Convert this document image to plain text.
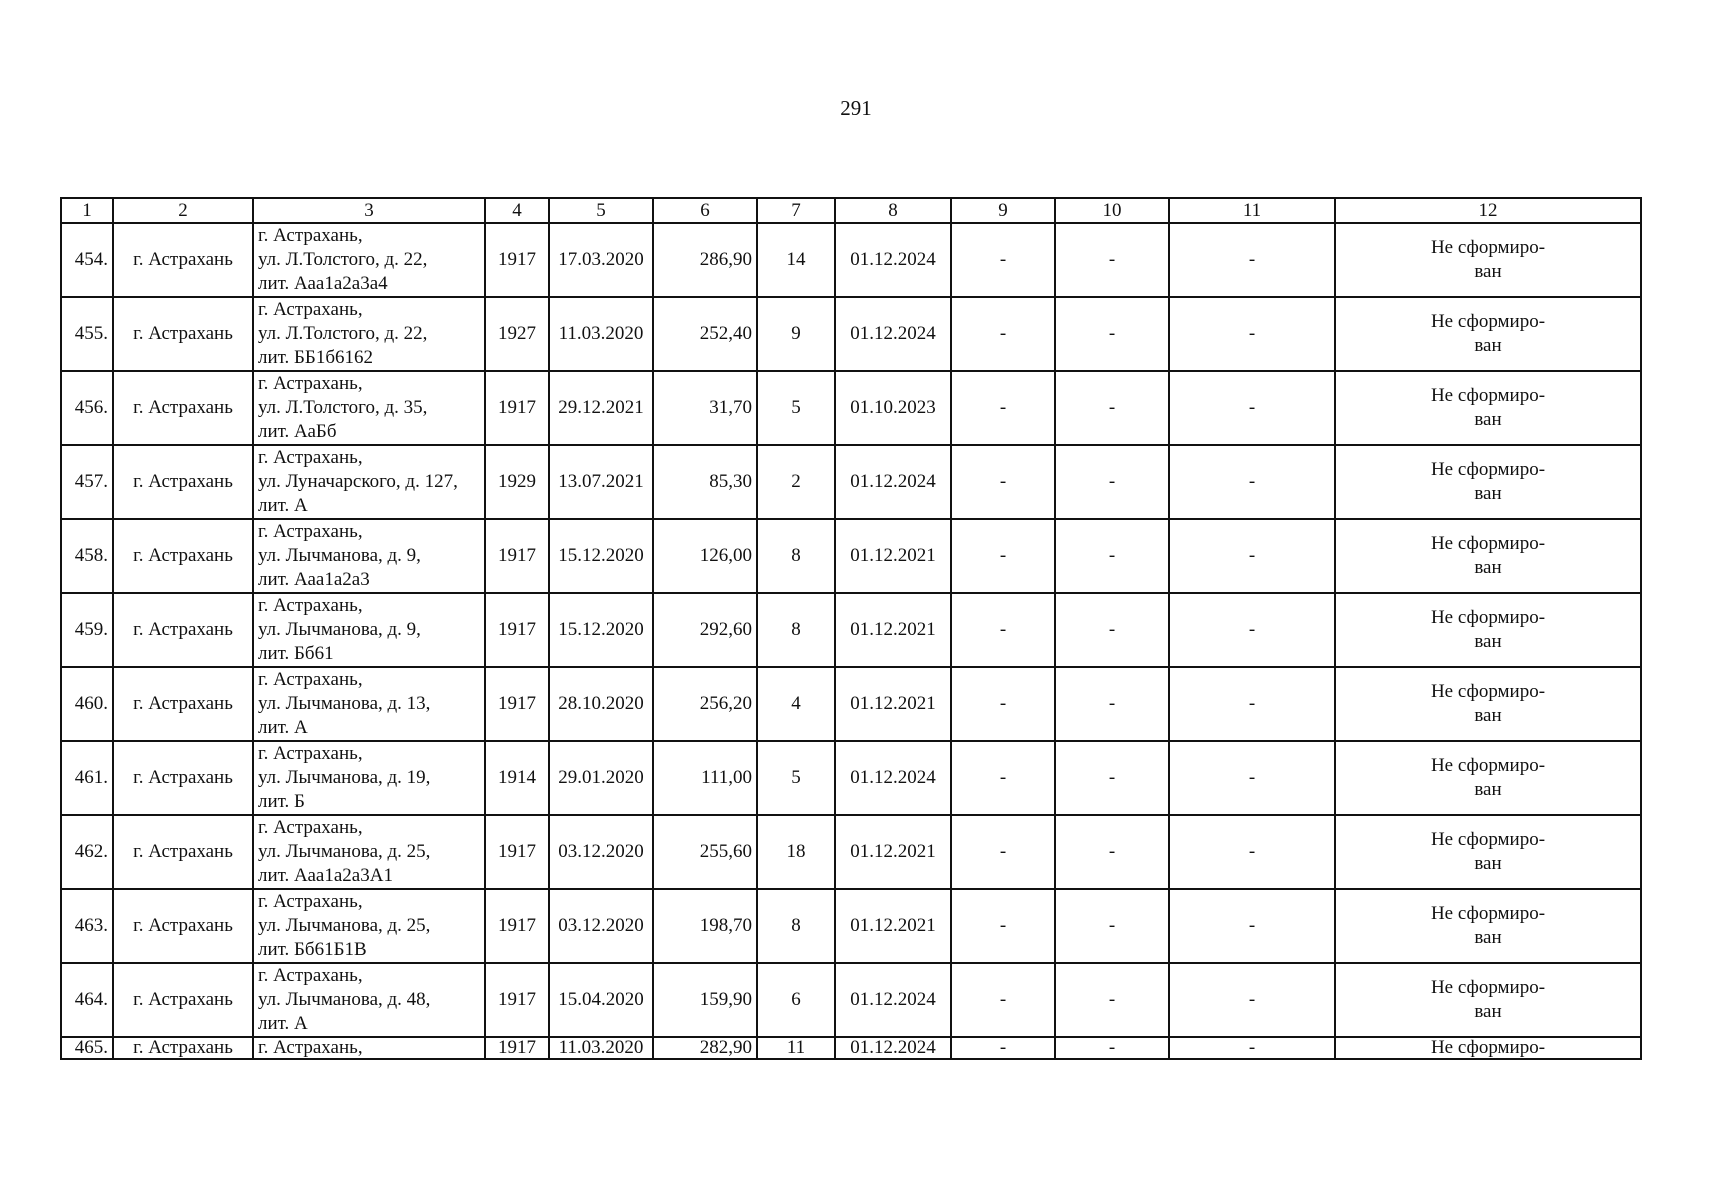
291
1	2	3	4	5	6	7	8	9	10	11	12
454.	г. Астрахань	г. Астрахань,
ул. Л.Толстого, д. 22,
лит. Ааa1a2a3a4	1917	17.03.2020	286,90	14	01.12.2024	-	-	-	Не сформиро-
ван

455.	г. Астрахань	г. Астрахань,
ул. Л.Толстого, д. 22,
лит. ББ1б6162	1927	11.03.2020	252,40	9	01.12.2024	-	-	-	Не сформиро-
ван

456.	г. Астрахань	г. Астрахань,
ул. Л.Толстого, д. 35,
лит. АаБб	1917	29.12.2021	31,70	5	01.10.2023	-	-	-	Не сформиро-
ван

457.	г. Астрахань	г. Астрахань,
ул. Луначарского, д. 127,
лит. А	1929	13.07.2021	85,30	2	01.12.2024	-	-	-	Не сформиро-
ван

458.	г. Астрахань	г. Астрахань,
ул. Лычманова, д. 9,
лит. Ааa1a2a3	1917	15.12.2020	126,00	8	01.12.2021	-	-	-	Не сформиро-
ван

459.	г. Астрахань	г. Астрахань,
ул. Лычманова, д. 9,
лит. Бб61	1917	15.12.2020	292,60	8	01.12.2021	-	-	-	Не сформиро-
ван

460.	г. Астрахань	г. Астрахань,
ул. Лычманова, д. 13,
лит. А	1917	28.10.2020	256,20	4	01.12.2021	-	-	-	Не сформиро-
ван

461.	г. Астрахань	г. Астрахань,
ул. Лычманова, д. 19,
лит. Б	1914	29.01.2020	111,00	5	01.12.2024	-	-	-	Не сформиро-
ван

462.	г. Астрахань	г. Астрахань,
ул. Лычманова, д. 25,
лит. Ааa1a2a3A1	1917	03.12.2020	255,60	18	01.12.2021	-	-	-	Не сформиро-
ван

463.	г. Астрахань	г. Астрахань,
ул. Лычманова, д. 25,
лит. Бб61Б1В	1917	03.12.2020	198,70	8	01.12.2021	-	-	-	Не сформиро-
ван

464.	г. Астрахань	г. Астрахань,
ул. Лычманова, д. 48,
лит. А	1917	15.04.2020	159,90	6	01.12.2024	-	-	-	Не сформиро-
ван

465.	г. Астрахань	г. Астрахань,	1917	11.03.2020	282,90	11	01.12.2024	-	-	-	Не сформиро-
